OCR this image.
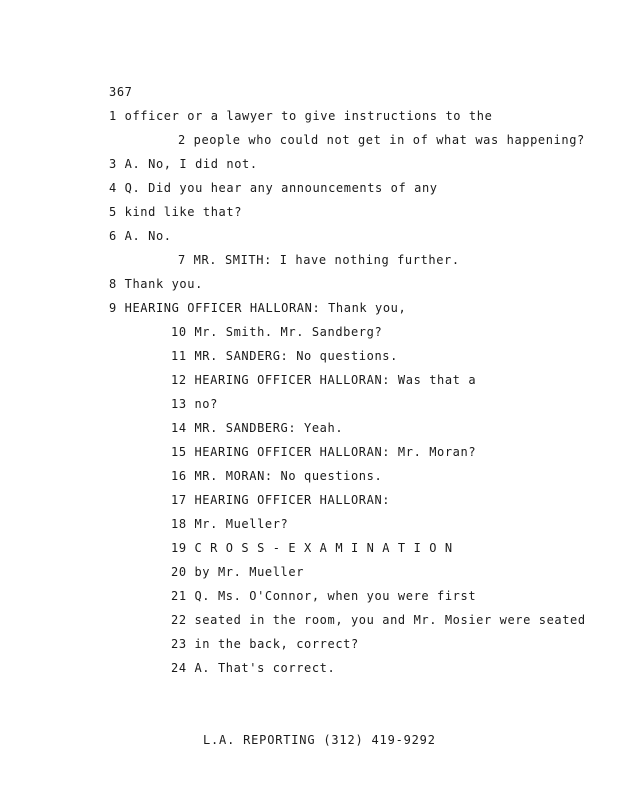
367
1 officer or a lawyer to give instructions to the
2 people who could not get in of what was happening?
3 A. No, I did not.
4 Q. Did you hear any announcements of any
5 kind like that?
6 A. No.
7 MR. SMITH: I have nothing further.
8 Thank you.
9 HEARING OFFICER HALLORAN: Thank you,
10 Mr. Smith. Mr. Sandberg?
11 MR. SANDERG: No questions.
12 HEARING OFFICER HALLORAN: Was that a
13 no?
14 MR. SANDBERG: Yeah.
15 HEARING OFFICER HALLORAN: Mr. Moran?
16 MR. MORAN: No questions.
17 HEARING OFFICER HALLORAN:
18 Mr. Mueller?
19 C R O S S - E X A M I N A T I O N
20 by Mr. Mueller
21 Q. Ms. O'Connor, when you were first
22 seated in the room, you and Mr. Mosier were seated
23 in the back, correct?
24 A. That's correct.
L.A. REPORTING (312) 419-9292
